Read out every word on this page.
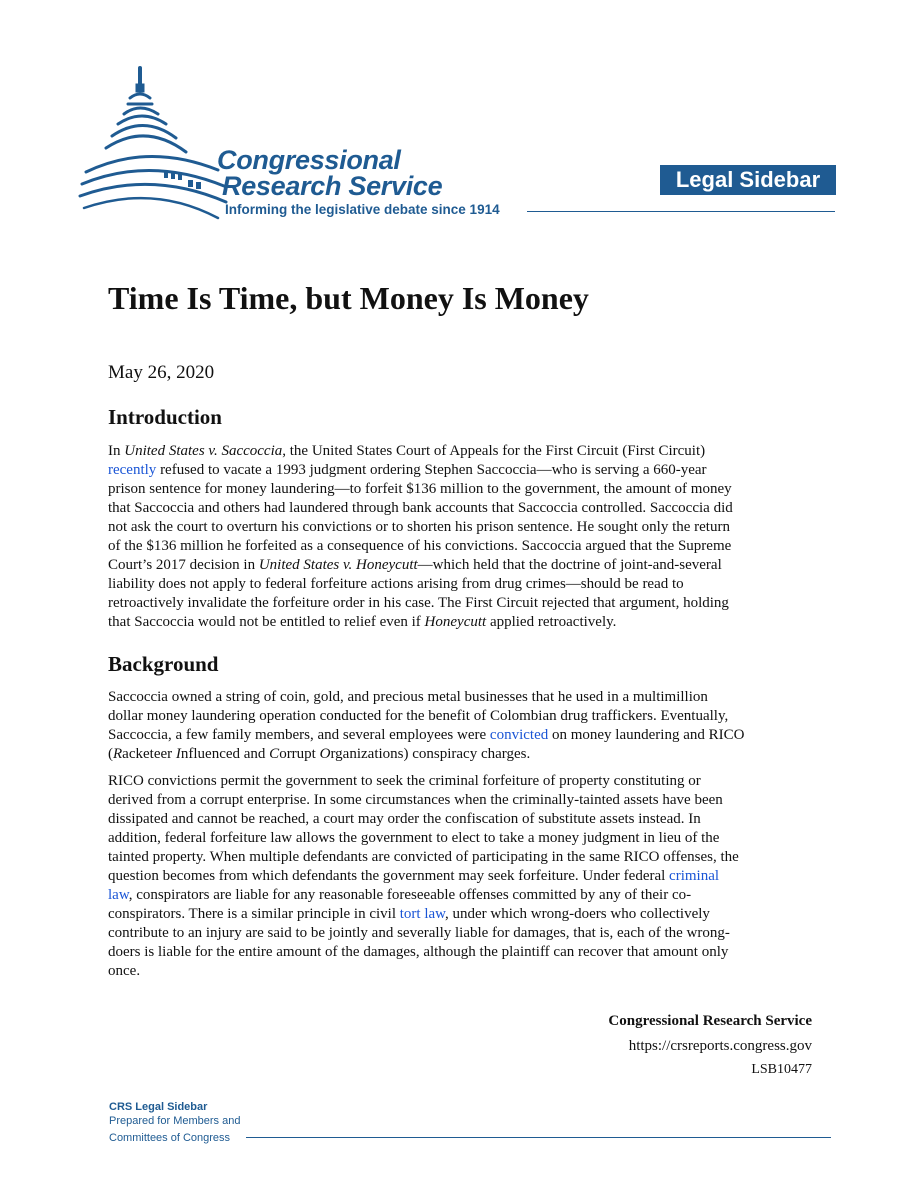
Congressional
Research Service
Informing the legislative debate since 1914
Legal Sidebar
Time Is Time, but Money Is Money
May 26, 2020
Introduction
In United States v. Saccoccia, the United States Court of Appeals for the First Circuit (First Circuit)
recently refused to vacate a 1993 judgment ordering Stephen Saccoccia—who is serving a 660-year
prison sentence for money laundering—to forfeit $136 million to the government, the amount of money
that Saccoccia and others had laundered through bank accounts that Saccoccia controlled. Saccoccia did
not ask the court to overturn his convictions or to shorten his prison sentence. He sought only the return
of the $136 million he forfeited as a consequence of his convictions. Saccoccia argued that the Supreme
Court’s 2017 decision in United States v. Honeycutt—which held that the doctrine of joint-and-several
liability does not apply to federal forfeiture actions arising from drug crimes—should be read to
retroactively invalidate the forfeiture order in his case. The First Circuit rejected that argument, holding
that Saccoccia would not be entitled to relief even if Honeycutt applied retroactively.
Background
Saccoccia owned a string of coin, gold, and precious metal businesses that he used in a multimillion
dollar money laundering operation conducted for the benefit of Colombian drug traffickers. Eventually,
Saccoccia, a few family members, and several employees were convicted on money laundering and RICO
(Racketeer Influenced and Corrupt Organizations) conspiracy charges.
RICO convictions permit the government to seek the criminal forfeiture of property constituting or
derived from a corrupt enterprise. In some circumstances when the criminally-tainted assets have been
dissipated and cannot be reached, a court may order the confiscation of substitute assets instead. In
addition, federal forfeiture law allows the government to elect to take a money judgment in lieu of the
tainted property. When multiple defendants are convicted of participating in the same RICO offenses, the
question becomes from which defendants the government may seek forfeiture. Under federal criminal
law, conspirators are liable for any reasonable foreseeable offenses committed by any of their co-
conspirators. There is a similar principle in civil tort law, under which wrong-doers who collectively
contribute to an injury are said to be jointly and severally liable for damages, that is, each of the wrong-
doers is liable for the entire amount of the damages, although the plaintiff can recover that amount only
once.
Congressional Research Service
https://crsreports.congress.gov
LSB10477
CRS Legal Sidebar
Prepared for Members and
Committees of Congress
